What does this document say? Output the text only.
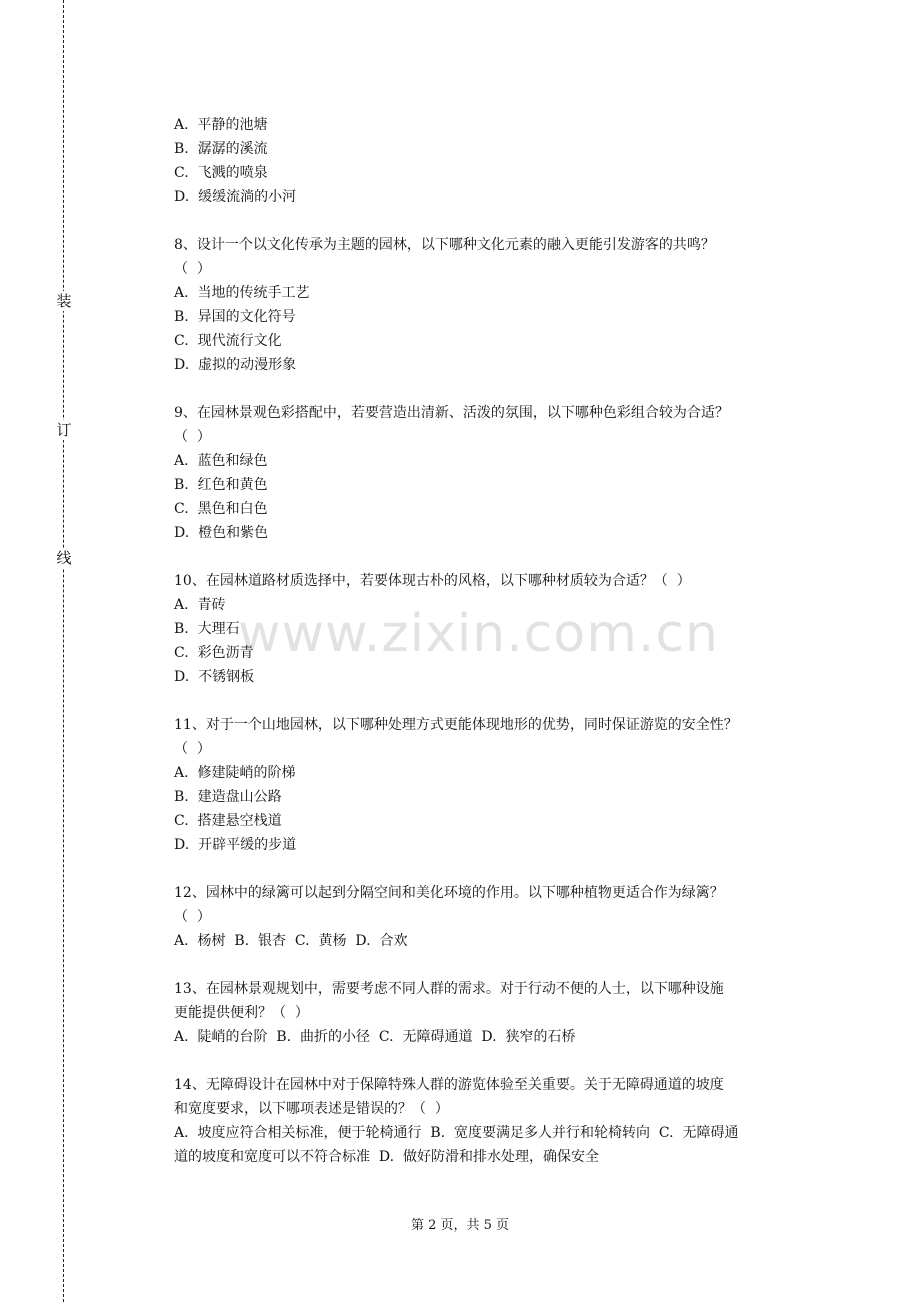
装
订
线

A.  平静的池塘

B.  潺潺的溪流

C.  飞溅的喷泉

D.  缓缓流淌的小河

8、设计一个以文化传承为主题的园林，以下哪种文化元素的融入更能引发游客的共鸣？

（  ）

A.  当地的传统手工艺

B.  异国的文化符号

C.  现代流行文化

D.  虚拟的动漫形象

9、在园林景观色彩搭配中，若要营造出清新、活泼的氛围，以下哪种色彩组合较为合适？

（  ）

A.  蓝色和绿色

B.  红色和黄色

C.  黑色和白色

D.  橙色和紫色

10、在园林道路材质选择中，若要体现古朴的风格，以下哪种材质较为合适？（  ）

A.  青砖

B.  大理石

C.  彩色沥青

D.  不锈钢板

11、对于一个山地园林，以下哪种处理方式更能体现地形的优势，同时保证游览的安全性？

（  ）

A.  修建陡峭的阶梯

B.  建造盘山公路

C.  搭建悬空栈道

D.  开辟平缓的步道

12、园林中的绿篱可以起到分隔空间和美化环境的作用。以下哪种植物更适合作为绿篱？

（  ）

A.  杨树  B.  银杏  C.  黄杨  D.  合欢

13、在园林景观规划中，需要考虑不同人群的需求。对于行动不便的人士，以下哪种设施

更能提供便利？（  ）

A.  陡峭的台阶  B.  曲折的小径  C.  无障碍通道  D.  狭窄的石桥

14、无障碍设计在园林中对于保障特殊人群的游览体验至关重要。关于无障碍通道的坡度

和宽度要求，以下哪项表述是错误的？（  ）

A.  坡度应符合相关标准，便于轮椅通行  B.  宽度要满足多人并行和轮椅转向  C.  无障碍通

道的坡度和宽度可以不符合标准  D.  做好防滑和排水处理，确保安全

www.zixin.com.cn
第 2 页，共 5 页
